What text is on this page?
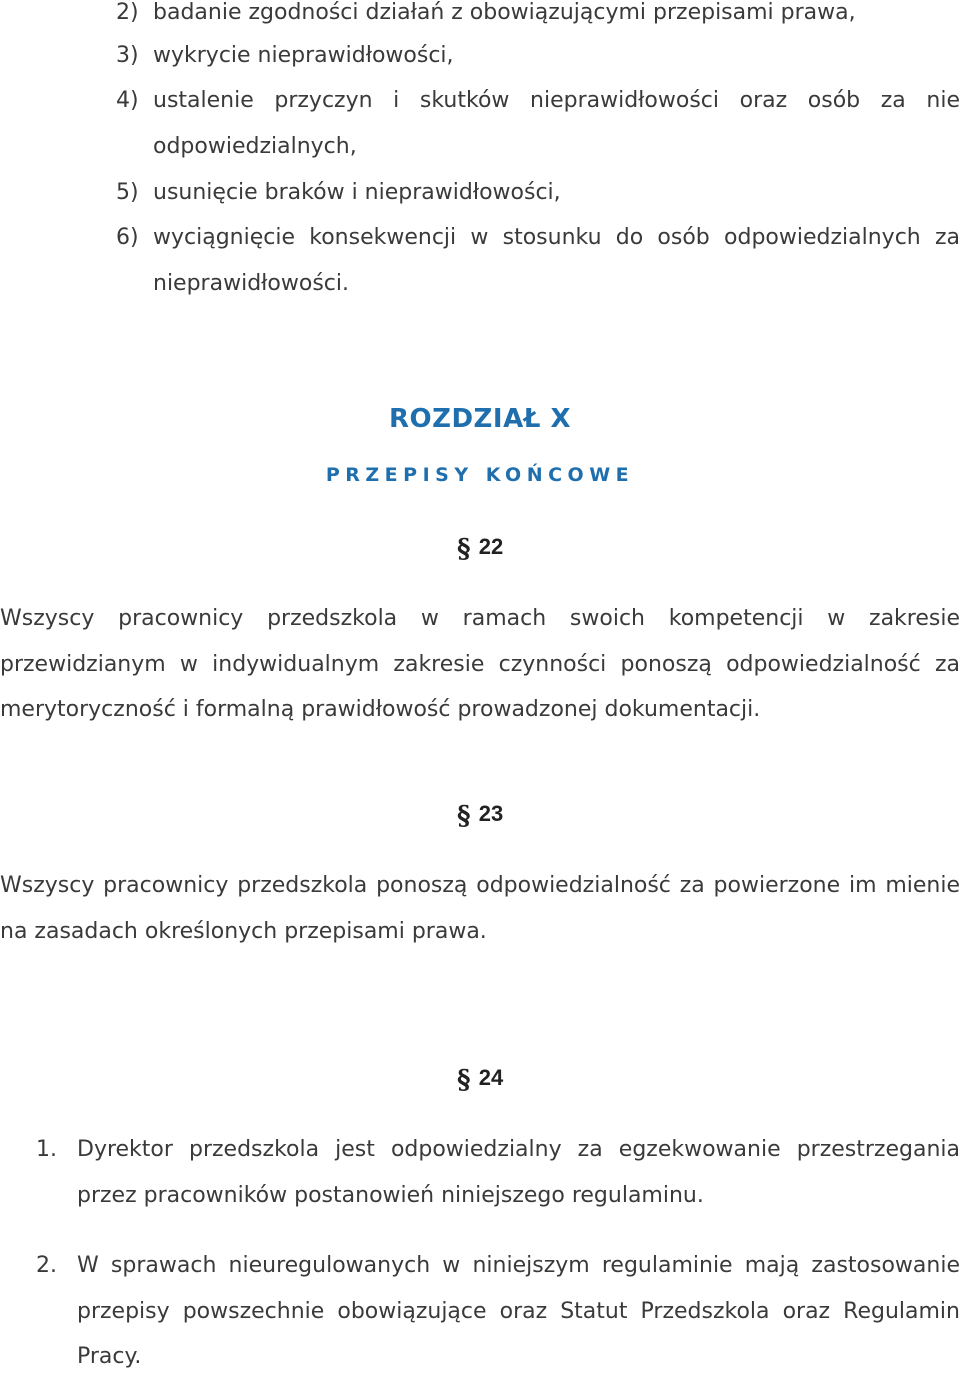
2) badanie zgodności działań z obowiązującymi przepisami prawa,
3) wykrycie nieprawidłowości,
4) ustalenie przyczyn i skutków nieprawidłowości oraz osób za nie odpowiedzialnych,
5) usunięcie braków i nieprawidłowości,
6) wyciągnięcie konsekwencji w stosunku do osób odpowiedzialnych za nieprawidłowości.
ROZDZIAŁ X
PRZEPISY KOŃCOWE
§ 22
Wszyscy pracownicy przedszkola w ramach swoich kompetencji w zakresie przewidzianym w indywidualnym zakresie czynności ponoszą odpowiedzialność za merytoryczność i formalną prawidłowość prowadzonej dokumentacji.
§ 23
Wszyscy pracownicy przedszkola ponoszą odpowiedzialność za powierzone im mienie na zasadach określonych przepisami prawa.
§ 24
1. Dyrektor przedszkola jest odpowiedzialny za egzekwowanie przestrzegania przez pracowników postanowień niniejszego regulaminu.
2. W sprawach nieuregulowanych w niniejszym regulaminie mają zastosowanie przepisy powszechnie obowiązujące oraz Statut Przedszkola oraz Regulamin Pracy.
